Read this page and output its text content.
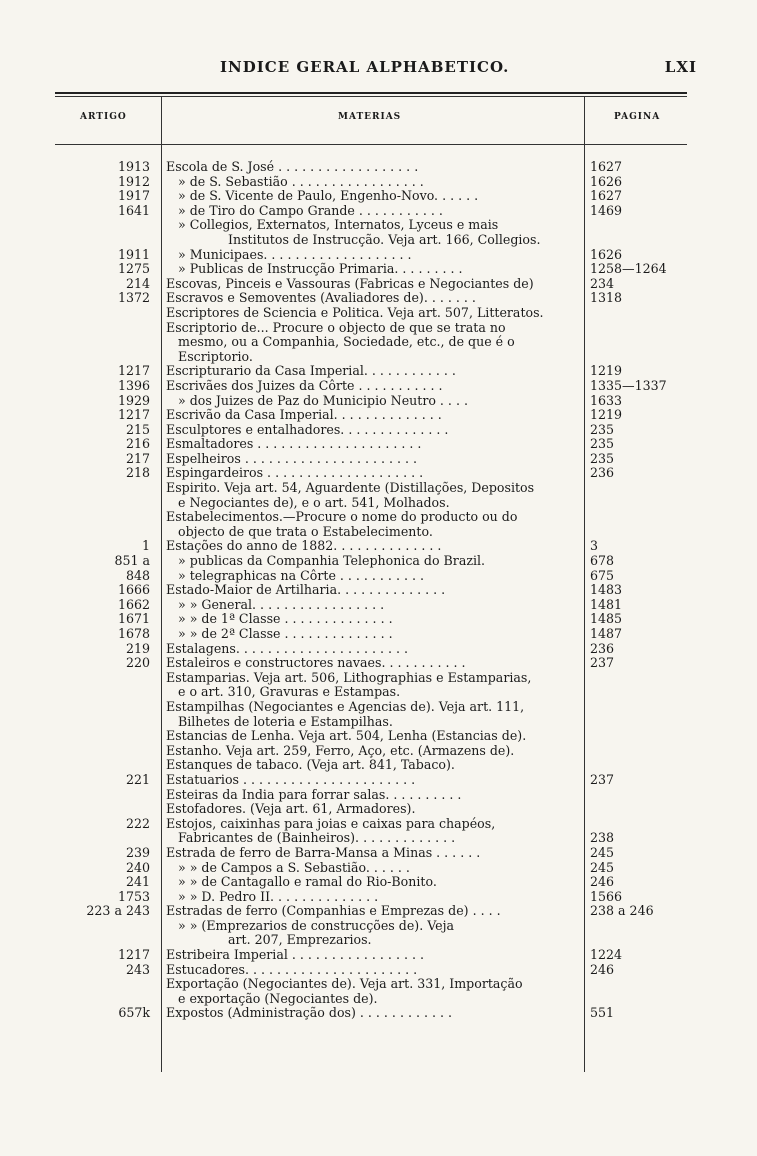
INDICE GERAL ALPHABETICO.	LXI
ARTIGO	MATERIAS	PAGINA
1913 Escola de S. José . . . . . . . . . . . . . . . . . .	1627
1912	» de S. Sebastião . . . . . . . . . . . . . . . . .	1626
1917	» de S. Vicente de Paulo, Engenho-Novo. . . . . .	1627
1641	» de Tiro do Campo Grande . . . . . . . . . . .	1469
» Collegios, Externatos, Internatos, Lyceus e mais
Institutos de Instrucção. Veja art. 166, Collegios.
1911	» Municipaes. . . . . . . . . . . . . . . . . . .	1626
1275	» Publicas de Instrucção Primaria. . . . . . . . .	1258—1264
214 Escovas, Pinceis e Vassouras (Fabricas e Negociantes de)	234
1372 Escravos e Semoventes (Avaliadores de). . . . . . .	1318
Escriptores de Sciencia e Politica. Veja art. 507, Litteratos.
Escriptorio de... Procure o objecto de que se trata no
mesmo, ou a Companhia, Sociedade, etc., de que é o
Escriptorio.
1217 Escripturario da Casa Imperial. . . . . . . . . . . .	1219
1396 Escrivães dos Juizes da Côrte . . . . . . . . . . .	1335—1337
1929	» dos Juizes de Paz do Municipio Neutro . . . .	1633
1217 Escrivão da Casa Imperial. . . . . . . . . . . . . .	1219
215 Esculptores e entalhadores. . . . . . . . . . . . . .	235
216 Esmaltadores . . . . . . . . . . . . . . . . . . . . .	235
217 Espelheiros . . . . . . . . . . . . . . . . . . . . . .	235
218 Espingardeiros . . . . . . . . . . . . . . . . . . . .	236
Espirito. Veja art. 54, Aguardente (Distillações, Depositos
e Negociantes de), e o art. 541, Molhados.
Estabelecimentos.—Procure o nome do producto ou do
objecto de que trata o Estabelecimento.
1 Estações do anno de 1882. . . . . . . . . . . . . .	3
851 a	» publicas da Companhia Telephonica do Brazil.	678
848	» telegraphicas na Côrte . . . . . . . . . . .	675
1666 Estado-Maior de Artilharia. . . . . . . . . . . . . .	1483
1662	» » General. . . . . . . . . . . . . . . . .	1481
1671	» » de 1ª Classe . . . . . . . . . . . . . .	1485
1678	» » de 2ª Classe . . . . . . . . . . . . . .	1487
219 Estalagens. . . . . . . . . . . . . . . . . . . . . .	236
220 Estaleiros e constructores navaes. . . . . . . . . . .	237
Estamparias. Veja art. 506, Lithographias e Estamparias,
e o art. 310, Gravuras e Estampas.
Estampilhas (Negociantes e Agencias de). Veja art. 111,
Bilhetes de loteria e Estampilhas.
Estancias de Lenha. Veja art. 504, Lenha (Estancias de).
Estanho. Veja art. 259, Ferro, Aço, etc. (Armazens de).
Estanques de tabaco. (Veja art. 841, Tabaco).
221 Estatuarios . . . . . . . . . . . . . . . . . . . . . .	237
Esteiras da India para forrar salas. . . . . . . . . .
Estofadores. (Veja art. 61, Armadores).
222 Estojos, caixinhas para joias e caixas para chapéos,
Fabricantes de (Bainheiros). . . . . . . . . . . . .	238
239 Estrada de ferro de Barra-Mansa a Minas . . . . . .	245
240	» » de Campos a S. Sebastião. . . . . .	245
241	» » de Cantagallo e ramal do Rio-Bonito.	246
1753	» » D. Pedro II. . . . . . . . . . . . . .	1566
223 a 243 Estradas de ferro (Companhias e Emprezas de) . . . .	238 a 246
» » (Emprezarios de construcções de). Veja
art. 207, Emprezarios.
1217 Estribeira Imperial . . . . . . . . . . . . . . . . .	1224
243 Estucadores. . . . . . . . . . . . . . . . . . . . . .	246
Exportação (Negociantes de). Veja art. 331, Importação
e exportação (Negociantes de).
657k Expostos (Administração dos) . . . . . . . . . . . .	551
